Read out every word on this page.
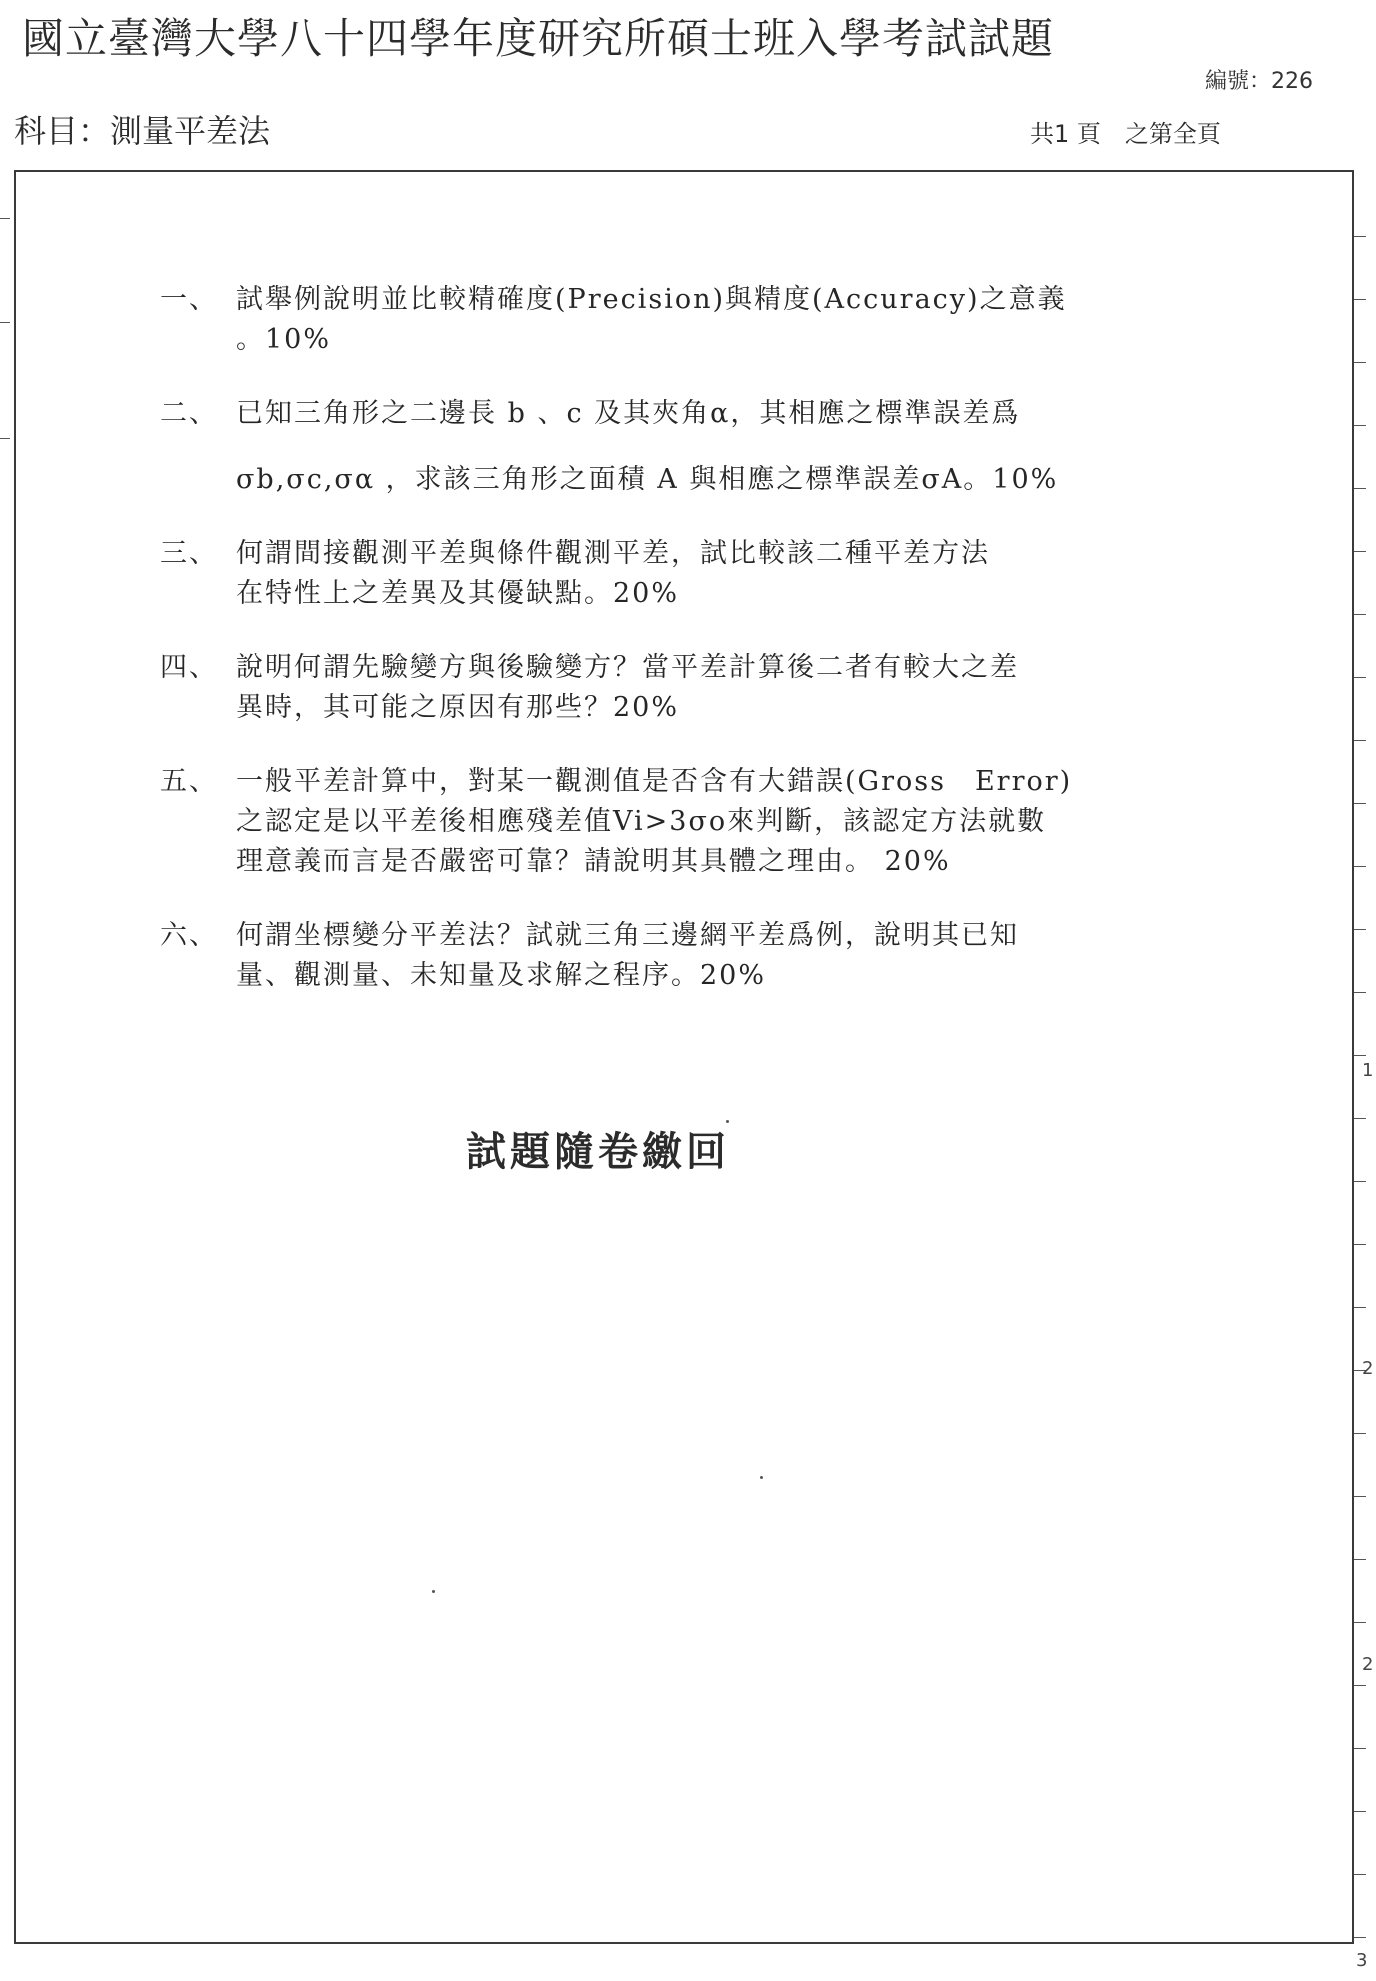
國立臺灣大學八十四學年度研究所碩士班入學考試試題
編號：226
科目：測量平差法	共1 頁　之第全頁
1
2
2
3
一、 試舉例說明並比較精確度(Precision)與精度(Accuracy)之意義
。10%
二、 已知三角形之二邊長 b 、c 及其夾角α，其相應之標準誤差爲
σb,σc,σα ，求該三角形之面積 A 與相應之標準誤差σA。10%
三、 何謂間接觀測平差與條件觀測平差，試比較該二種平差方法
在特性上之差異及其優缺點。20%
四、 說明何謂先驗變方與後驗變方？當平差計算後二者有較大之差
異時，其可能之原因有那些？20%
五、 一般平差計算中，對某一觀測值是否含有大錯誤(Gross　Error)
之認定是以平差後相應殘差值Vi>3σo來判斷，該認定方法就數
理意義而言是否嚴密可靠？請說明其具體之理由。 20%
六、 何謂坐標變分平差法？試就三角三邊網平差爲例，說明其已知
量、觀測量、未知量及求解之程序。20%
試題隨卷繳回
